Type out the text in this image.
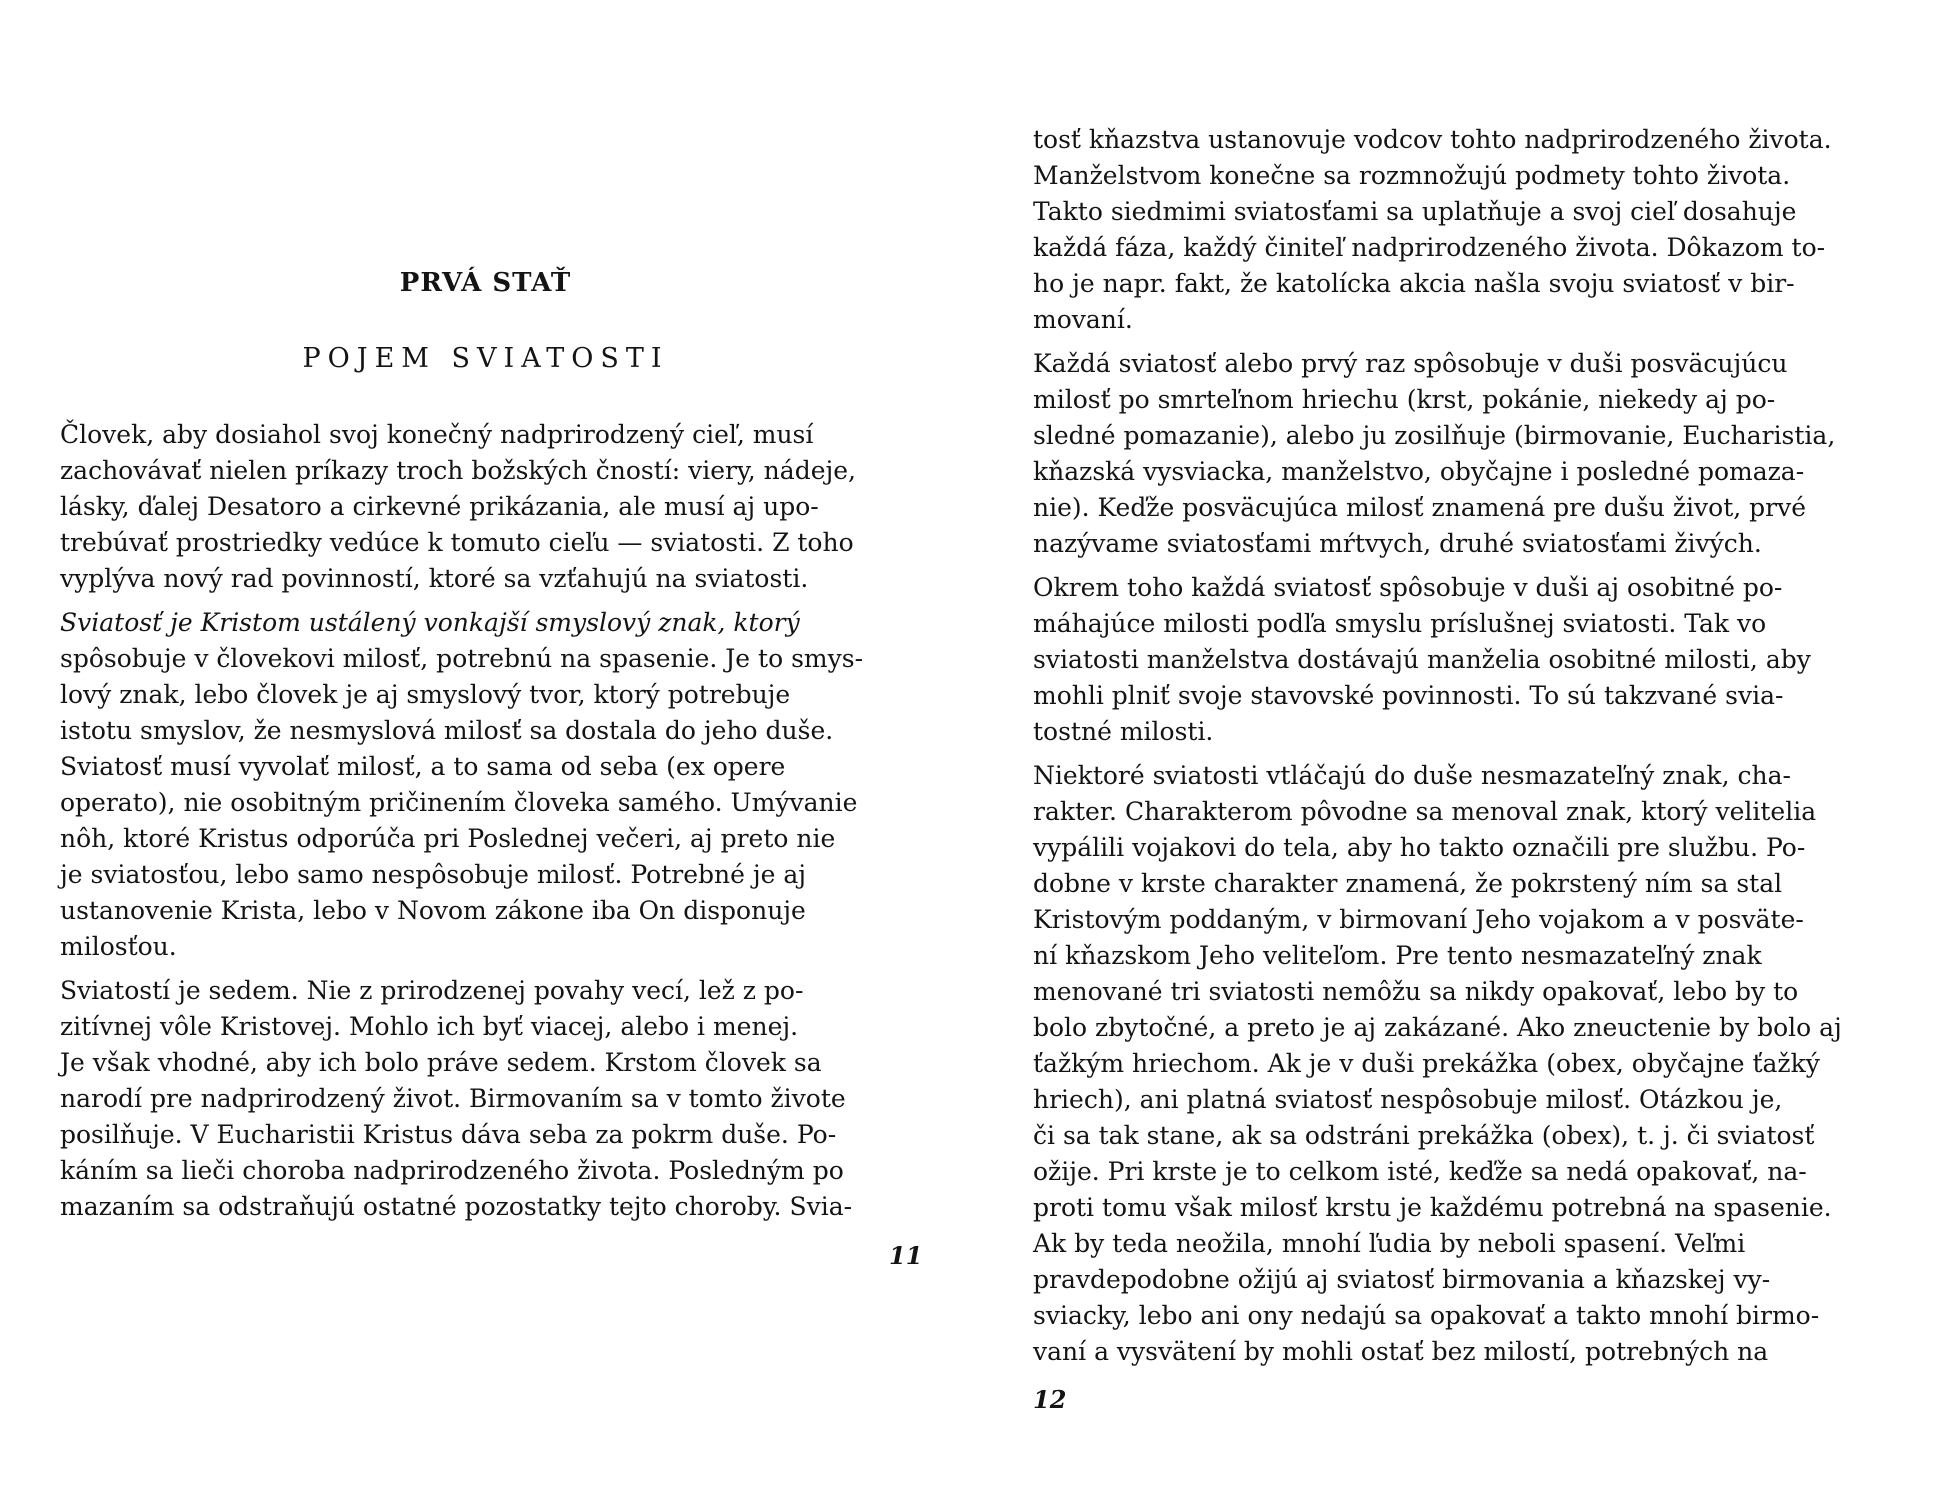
PRVÁ STAŤ
POJEM SVIATOSTI
Človek, aby dosiahol svoj konečný nadprirodzený cieľ, musí
zachovávať nielen príkazy troch božských čností: viery, nádeje,
lásky, ďalej Desatoro a cirkevné prikázania, ale musí aj upo-
trebúvať prostriedky vedúce k tomuto cieľu — sviatosti. Z toho
vyplýva nový rad povinností, ktoré sa vzťahujú na sviatosti.
Sviatosť je Kristom ustálený vonkajší smyslový znak, ktorý
spôsobuje v človekovi milosť, potrebnú na spasenie. Je to smys-
lový znak, lebo človek je aj smyslový tvor, ktorý potrebuje
istotu smyslov, že nesmyslová milosť sa dostala do jeho duše.
Sviatosť musí vyvolať milosť, a to sama od seba (ex opere
operato), nie osobitným pričinením človeka samého. Umývanie
nôh, ktoré Kristus odporúča pri Poslednej večeri, aj preto nie
je sviatosťou, lebo samo nespôsobuje milosť. Potrebné je aj
ustanovenie Krista, lebo v Novom zákone iba On disponuje
milosťou.
Sviatostí je sedem. Nie z prirodzenej povahy vecí, lež z po-
zitívnej vôle Kristovej. Mohlo ich byť viacej, alebo i menej.
Je však vhodné, aby ich bolo práve sedem. Krstom človek sa
narodí pre nadprirodzený život. Birmovaním sa v tomto živote
posilňuje. V Eucharistii Kristus dáva seba za pokrm duše. Po-
káním sa lieči choroba nadprirodzeného života. Posledným po
mazaním sa odstraňujú ostatné pozostatky tejto choroby. Svia-
11
tosť kňazstva ustanovuje vodcov tohto nadprirodzeného života.
Manželstvom konečne sa rozmnožujú podmety tohto života.
Takto siedmimi sviatosťami sa uplatňuje a svoj cieľ dosahuje
každá fáza, každý činiteľ nadprirodzeného života. Dôkazom to-
ho je napr. fakt, že katolícka akcia našla svoju sviatosť v bir-
movaní.
Každá sviatosť alebo prvý raz spôsobuje v duši posväcujúcu
milosť po smrteľnom hriechu (krst, pokánie, niekedy aj po-
sledné pomazanie), alebo ju zosilňuje (birmovanie, Eucharistia,
kňazská vysviacka, manželstvo, obyčajne i posledné pomaza-
nie). Keďže posväcujúca milosť znamená pre dušu život, prvé
nazývame sviatosťami mŕtvych, druhé sviatosťami živých.
Okrem toho každá sviatosť spôsobuje v duši aj osobitné po-
máhajúce milosti podľa smyslu príslušnej sviatosti. Tak vo
sviatosti manželstva dostávajú manželia osobitné milosti, aby
mohli plniť svoje stavovské povinnosti. To sú takzvané svia-
tostné milosti.
Niektoré sviatosti vtláčajú do duše nesmazateľný znak, cha-
rakter. Charakterom pôvodne sa menoval znak, ktorý velitelia
vypálili vojakovi do tela, aby ho takto označili pre službu. Po-
dobne v krste charakter znamená, že pokrstený ním sa stal
Kristovým poddaným, v birmovaní Jeho vojakom a v posväte-
ní kňazskom Jeho veliteľom. Pre tento nesmazateľný znak
menované tri sviatosti nemôžu sa nikdy opakovať, lebo by to
bolo zbytočné, a preto je aj zakázané. Ako zneuctenie by bolo aj
ťažkým hriechom. Ak je v duši prekážka (obex, obyčajne ťažký
hriech), ani platná sviatosť nespôsobuje milosť. Otázkou je,
či sa tak stane, ak sa odstráni prekážka (obex), t. j. či sviatosť
ožije. Pri krste je to celkom isté, keďže sa nedá opakovať, na-
proti tomu však milosť krstu je každému potrebná na spasenie.
Ak by teda neožila, mnohí ľudia by neboli spasení. Veľmi
pravdepodobne ožijú aj sviatosť birmovania a kňazskej vy-
sviacky, lebo ani ony nedajú sa opakovať a takto mnohí birmo-
vaní a vysvätení by mohli ostať bez milostí, potrebných na
12
